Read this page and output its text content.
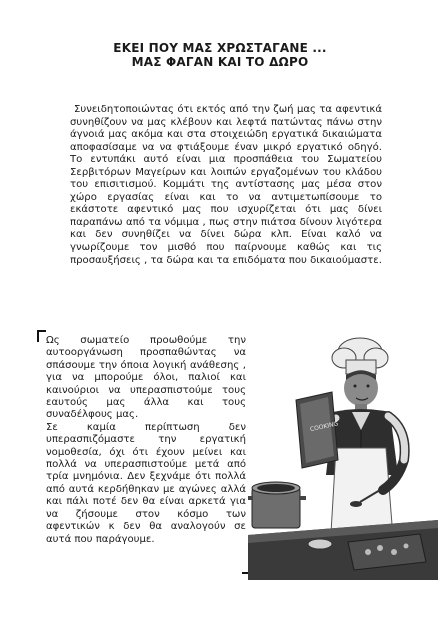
ΕΚΕΙ ΠΟΥ ΜΑΣ ΧΡΩΣΤΑΓΑΝΕ ...
ΜΑΣ ΦΑΓΑΝ ΚΑΙ ΤΟ ΔΩΡΟ

Συνειδητοποιώντας ότι εκτός από την ζωή μας τα αφεντικά συνηθίζουν να μας κλέβουν και λεφτά πατώντας πάνω στην άγνοιά μας ακόμα και στα στοιχειώδη εργατικά δικαιώματα αποφασίσαμε να να φτιάξουμε έναν μικρό εργατικό οδηγό. Το εντυπάκι αυτό είναι μια προσπάθεια του Σωματείου Σερβιτόρων Μαγείρων και λοιπών εργαζομένων του κλάδου του επισιτισμού. Κομμάτι της αντίστασης μας μέσα στον χώρο εργασίας είναι και το να αντιμετωπίσουμε το εκάστοτε αφεντικό μας που ισχυρίζεται ότι μας δίνει παραπάνω από τα νόμιμα , πως στην πιάτσα δίνουν λιγότερα και δεν συνηθίζει να δίνει δώρα κλπ. Είναι καλό να γνωρίζουμε τον μισθό που παίρνουμε καθώς και τις προσαυξήσεις , τα δώρα και τα επιδόματα που δικαιούμαστε.

Ως σωματείο προωθούμε την αυτοοργάνωση προσπαθώντας να σπάσουμε την όποια λογική ανάθεσης , για να μπορούμε όλοι, παλιοί και καινούριοι να υπερασπιστούμε τους εαυτούς μας άλλα και τους συναδέλφους μας.

Σε καμία περίπτωση δεν υπερασπιζόμαστε την εργατική νομοθεσία, όχι ότι έχουν μείνει και πολλά να υπερασπιστούμε μετά από τρία μνημόνια. Δεν ξεχνάμε ότι πολλά από αυτά κερδήθηκαν με αγώνες αλλά και πάλι ποτέ δεν θα είναι αρκετά για να ζήσουμε στον κόσμο των αφεντικών κ δεν θα αναλογούν σε αυτά που παράγουμε.

COOKING
